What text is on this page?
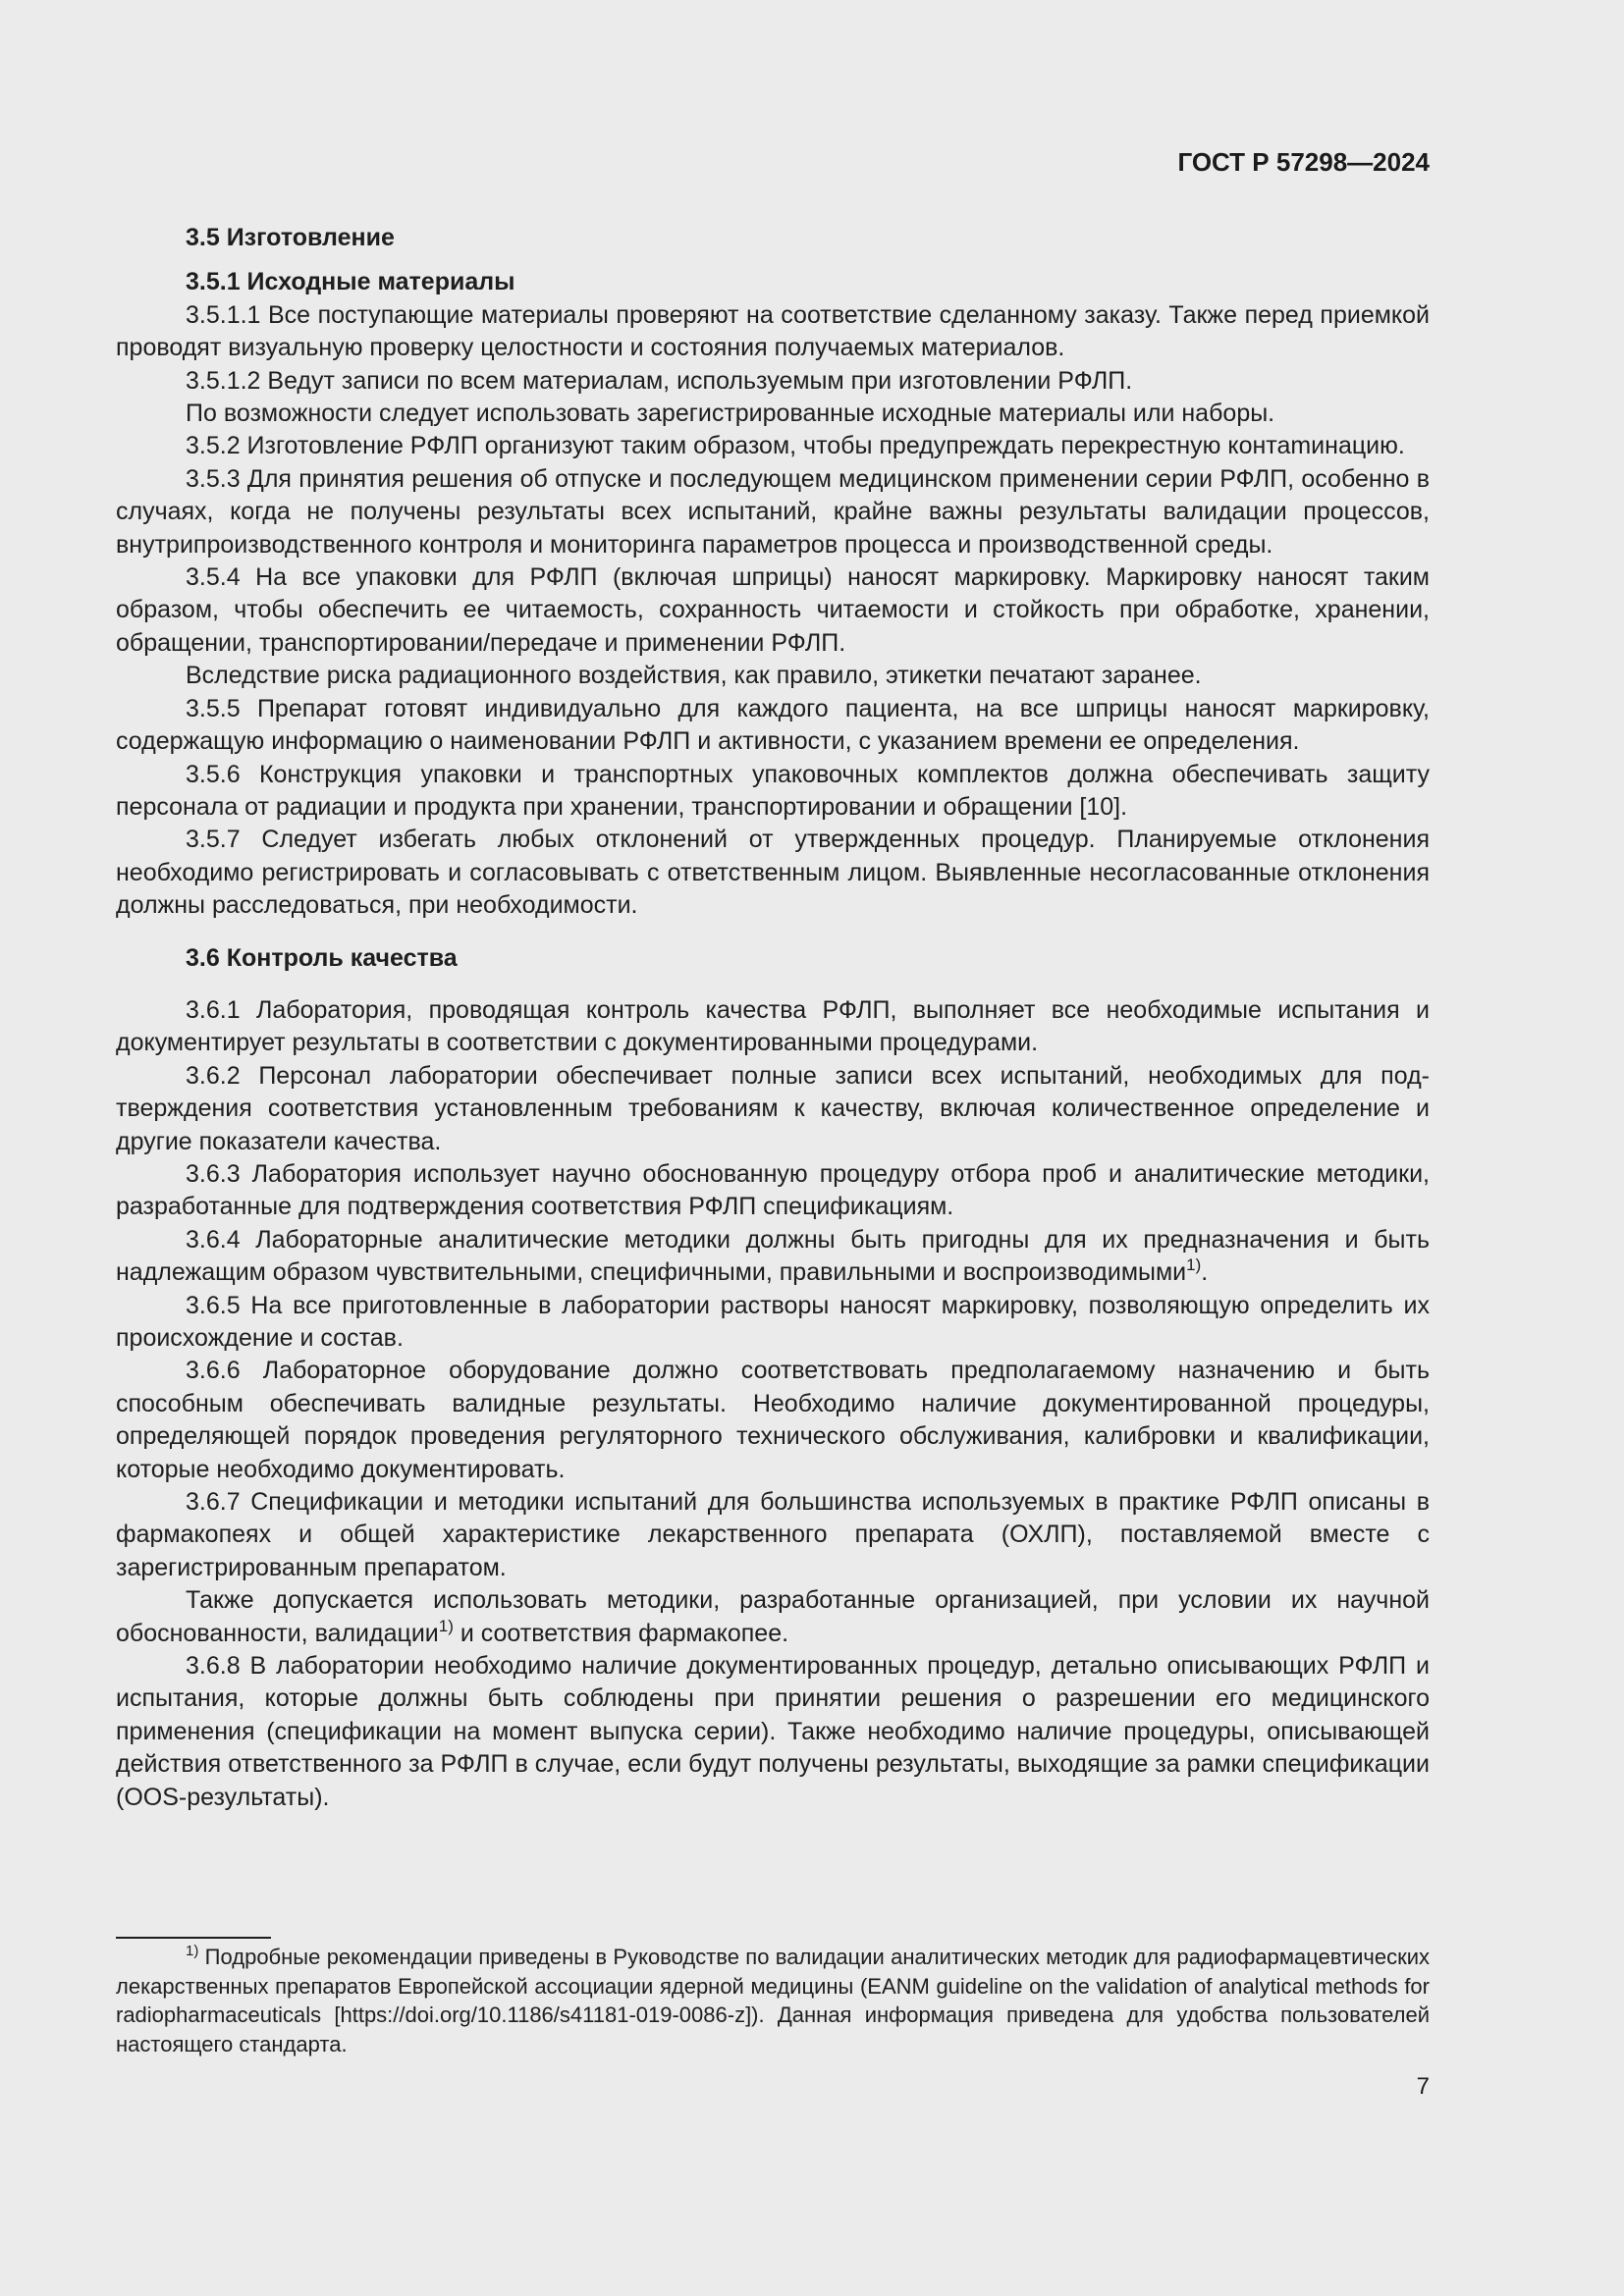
ГОСТ Р 57298—2024

3.5 Изготовление

3.5.1 Исходные материалы

3.5.1.1 Все поступающие материалы проверяют на соответствие сделанному заказу. Также перед приемкой проводят визуальную проверку целостности и состояния получаемых материалов.

3.5.1.2 Ведут записи по всем материалам, используемым при изготовлении РФЛП.

По возможности следует использовать зарегистрированные исходные материалы или наборы.

3.5.2 Изготовление РФЛП организуют таким образом, чтобы предупреждать перекрестную контаmинацию.

3.5.3 Для принятия решения об отпуске и последующем медицинском применении серии РФЛП, особенно в случаях, когда не получены результаты всех испытаний, крайне важны результаты валидации процессов, внутрипроизводственного контроля и мониторинга параметров процесса и производственной среды.

3.5.4 На все упаковки для РФЛП (включая шприцы) наносят маркировку. Маркировку наносят таким образом, чтобы обеспечить ее читаемость, сохранность читаемости и стойкость при обработке, хранении, обращении, транспортировании/передаче и применении РФЛП.

Вследствие риска радиационного воздействия, как правило, этикетки печатают заранее.

3.5.5 Препарат готовят индивидуально для каждого пациента, на все шприцы наносят маркировку, содержащую информацию о наименовании РФЛП и активности, с указанием времени ее определения.

3.5.6 Конструкция упаковки и транспортных упаковочных комплектов должна обеспечивать защиту персонала от радиации и продукта при хранении, транспортировании и обращении [10].

3.5.7 Следует избегать любых отклонений от утвержденных процедур. Планируемые отклонения необходимо регистрировать и согласовывать с ответственным лицом. Выявленные несогласованные отклонения должны расследоваться, при необходимости.

3.6 Контроль качества

3.6.1 Лаборатория, проводящая контроль качества РФЛП, выполняет все необходимые испытания и документирует результаты в соответствии с документированными процедурами.

3.6.2 Персонал лаборатории обеспечивает полные записи всех испытаний, необходимых для подтверждения соответствия установленным требованиям к качеству, включая количественное определение и другие показатели качества.

3.6.3 Лаборатория использует научно обоснованную процедуру отбора проб и аналитические методики, разработанные для подтверждения соответствия РФЛП спецификациям.

3.6.4 Лабораторные аналитические методики должны быть пригодны для их предназначения и быть надлежащим образом чувствительными, специфичными, правильными и воспроизводимыми$^{1)}$.

3.6.5 На все приготовленные в лаборатории растворы наносят маркировку, позволяющую определить их происхождение и состав.

3.6.6 Лабораторное оборудование должно соответствовать предполагаемому назначению и быть способным обеспечивать валидные результаты. Необходимо наличие документированной процедуры, определяющей порядок проведения регуляторного технического обслуживания, калибровки и квалификации, которые необходимо документировать.

3.6.7 Спецификации и методики испытаний для большинства используемых в практике РФЛП описаны в фармакопеях и общей характеристике лекарственного препарата (ОХЛП), поставляемой вместе с зарегистрированным препаратом.

Также допускается использовать методики, разработанные организацией, при условии их научной обоснованности, валидации$^{1)}$ и соответствия фармакопее.

3.6.8 В лаборатории необходимо наличие документированных процедур, детально описывающих РФЛП и испытания, которые должны быть соблюдены при принятии решения о разрешении его медицинского применения (спецификации на момент выпуска серии). Также необходимо наличие процедуры, описывающей действия ответственного за РФЛП в случае, если будут получены результаты, выходящие за рамки спецификации (OOS-результаты).

$^{1)}$ Подробные рекомендации приведены в Руководстве по валидации аналитических методик для радиофармацевтических лекарственных препаратов Европейской ассоциации ядерной медицины (EANM guideline on the validation of analytical methods for radiopharmaceuticals [https://doi.org/10.1186/s41181-019-0086-z]). Данная информация приведена для удобства пользователей настоящего стандарта.

7
